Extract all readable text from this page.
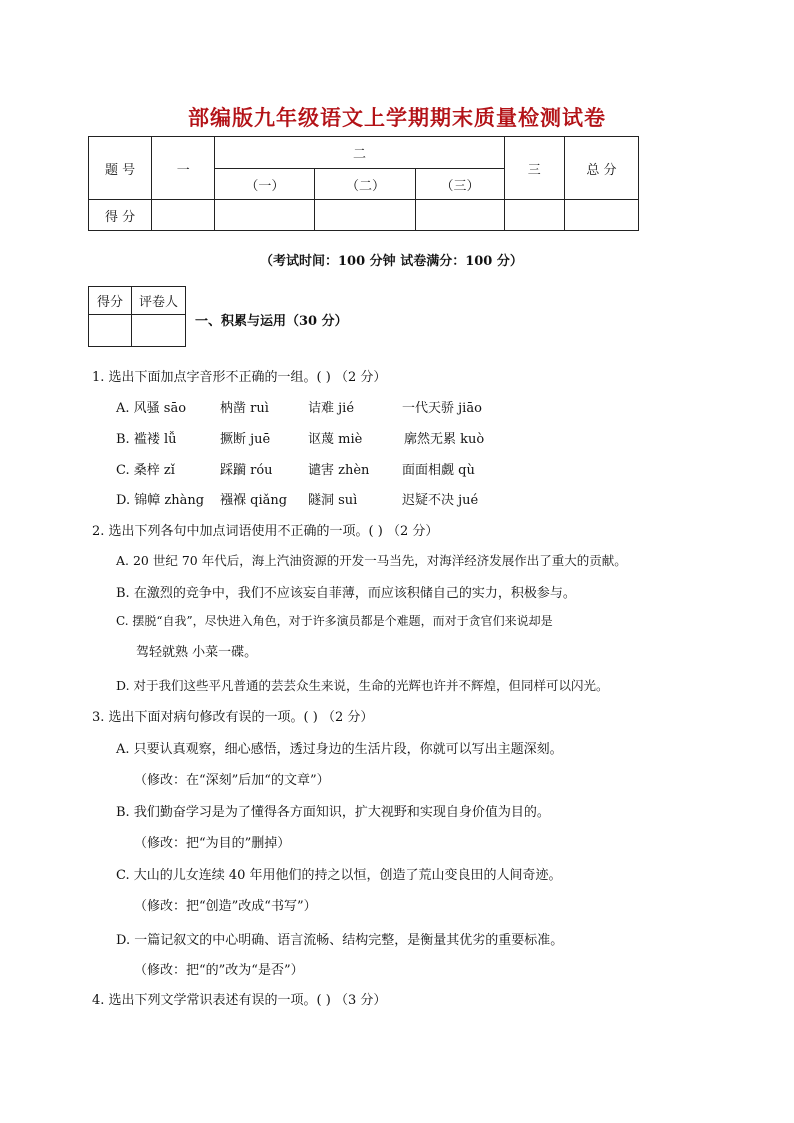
部编版九年级语文上学期期末质量检测试卷
题 号	一	二			三	总 分
		（一）	（二）	（三）		
得 分						
（考试时间：100 分钟 试卷满分：100 分）
得分	评卷人

一、积累与运用（30 分）
1. 选出下面加点字音形不正确的一组。( ) （2 分）
A. 风骚 sāo	枘凿 ruì	诘难 jié	一代天骄 jiāo
B. 褴褛 lǚ	撅断 juē	讴蔑 miè	廓然无累 kuò
C. 桑梓 zǐ	踩躏 róu	谴害 zhèn	面面相觑 qù
D. 锦幛 zhàng 襁褓 qiǎng 隧洞 suì	迟疑不决 jué
2. 选出下列各句中加点词语使用不正确的一项。( ) （2 分）
A. 20 世纪 70 年代后，海上汽油资源的开发一马当先，对海洋经济发展作出了重大的贡献。
B. 在激烈的竞争中，我们不应该妄自菲薄，而应该积储自己的实力，积极参与。
C. 摆脱“自我”，尽快进入角色，对于许多演员都是个难题，而对于贪官们来说却是
驾轻就熟 小菜一碟。
D. 对于我们这些平凡普通的芸芸众生来说，生命的光辉也许并不辉煌，但同样可以闪光。
3. 选出下面对病句修改有误的一项。( ) （2 分）
A. 只要认真观察，细心感悟，透过身边的生活片段，你就可以写出主题深刻。
（修改：在“深刻”后加“的文章”）
B. 我们勤奋学习是为了懂得各方面知识，扩大视野和实现自身价值为目的。
（修改：把“为目的”删掉）
C. 大山的儿女连续 40 年用他们的持之以恒，创造了荒山变良田的人间奇迹。
（修改：把“创造”改成“书写”）
D. 一篇记叙文的中心明确、语言流畅、结构完整，是衡量其优劣的重要标准。
（修改：把“的”改为“是否”）
4. 选出下列文学常识表述有误的一项。( ) （3 分）
